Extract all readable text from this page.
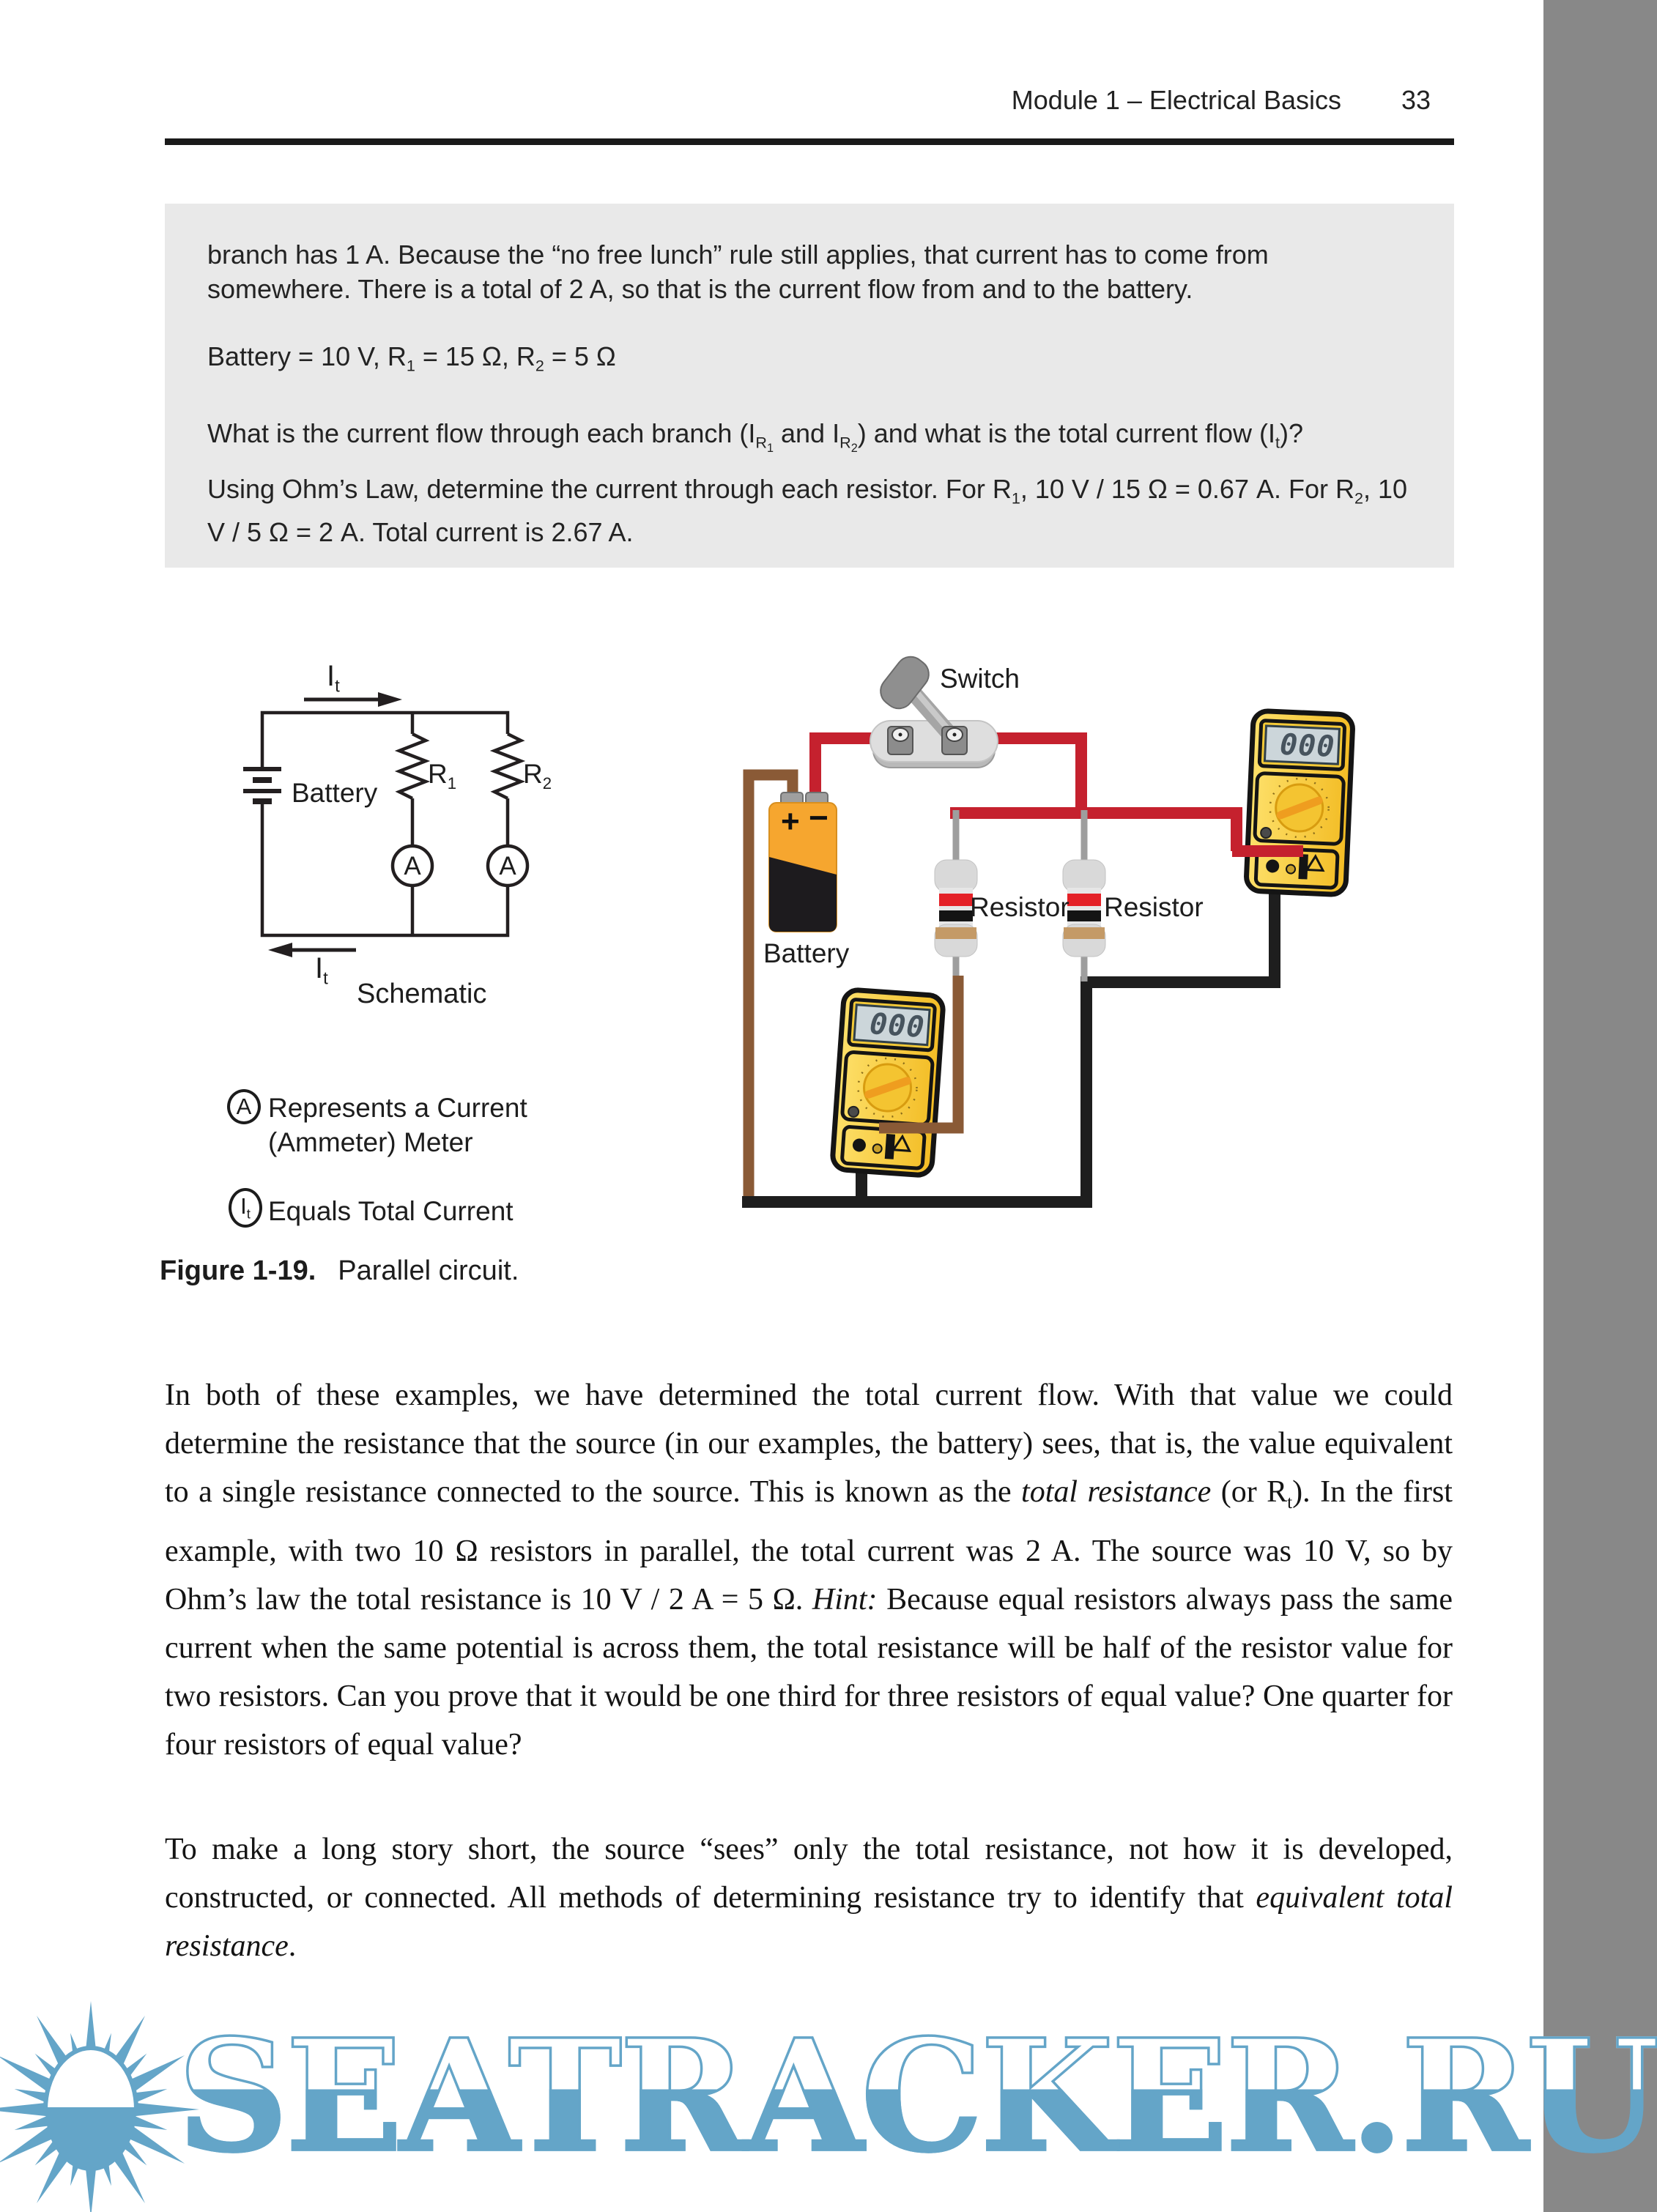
Module 1 – Electrical Basics	33

branch has 1 A. Because the “no free lunch” rule still applies, that current has to come from somewhere. There is a total of 2 A, so that is the current flow from and to the battery.

Battery = 10 V, $R_1 = 15$ Ω, $R_2 = 5$ Ω

What is the current flow through each branch ($I_{R1}$ and $I_{R2}$) and what is the total current flow $(I_t)$?

Using Ohm’s Law, determine the current through each resistor. For $R_1$, 10 V / 15 Ω = 0.67 A. For $R_2$, 10 V / 5 Ω = 2 A. Total current is 2.67 A.

$I_t$
Battery
$R_1$ $R_2$
A	A
$I_t$
Schematic
000
+ −
Switch
Battery
Resistor Resistor
A Represents a Current
(Ammeter) Meter
$I_t$ Equals Total Current
Figure 1-19. Parallel circuit.
In both of these examples, we have determined the total current flow. With that value we could determine the resistance that the source (in our examples, the battery) sees, that is, the value equivalent to a single resistance connected to the source. This is known as the total resistance (or $R_t$). In the first example, with two 10 Ω resistors in parallel, the total current was 2 A. The source was 10 V, so by Ohm’s law the total resistance is 10 V / 2 A = 5 Ω. Hint: Because equal resistors always pass the same current when the same potential is across them, the total resistance will be half of the resistor value for two resistors. Can you prove that it would be one third for three resistors of equal value? One quarter for four resistors of equal value?
To make a long story short, the source “sees” only the total resistance, not how it is developed, constructed, or connected. All methods of determining resistance try to identify that equivalent total resistance.
SEATRACKER.RU
